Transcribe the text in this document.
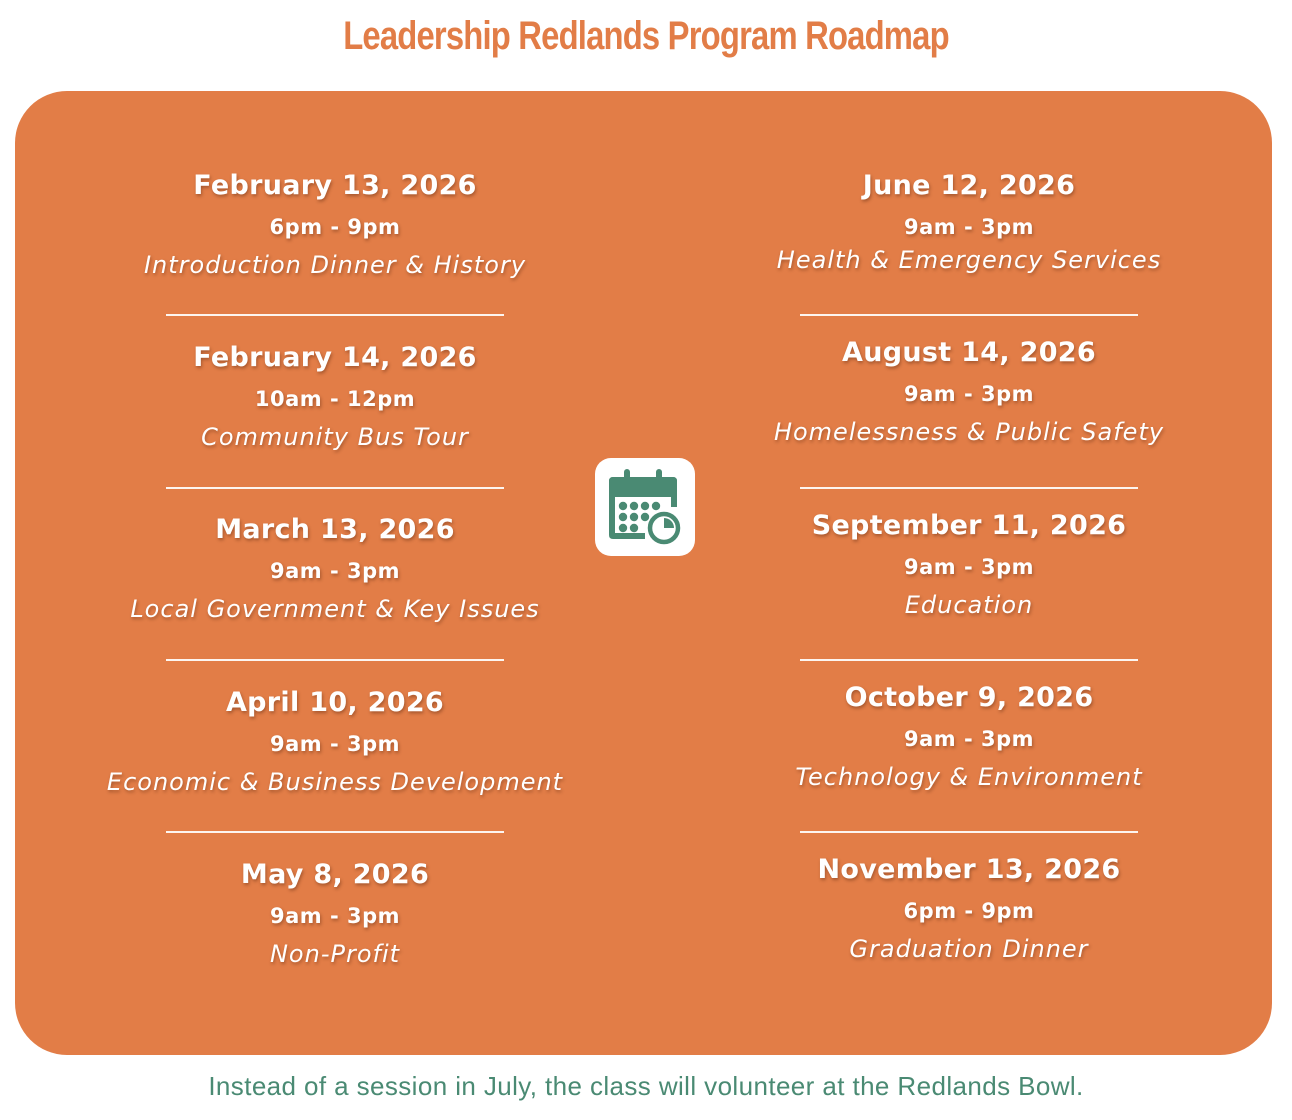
Leadership Redlands Program Roadmap
February 13, 2026
6pm - 9pm
Introduction Dinner & History
February 14, 2026
10am - 12pm
Community Bus Tour
March 13, 2026
9am - 3pm
Local Government & Key Issues
April 10, 2026
9am - 3pm
Economic & Business Development
May 8, 2026
9am - 3pm
Non-Profit
June 12, 2026
9am - 3pm
Health & Emergency Services
August 14, 2026
9am - 3pm
Homelessness & Public Safety
September 11, 2026
9am - 3pm
Education
October 9, 2026
9am - 3pm
Technology & Environment
November 13, 2026
6pm - 9pm
Graduation Dinner
Instead of a session in July, the class will volunteer at the Redlands Bowl.
